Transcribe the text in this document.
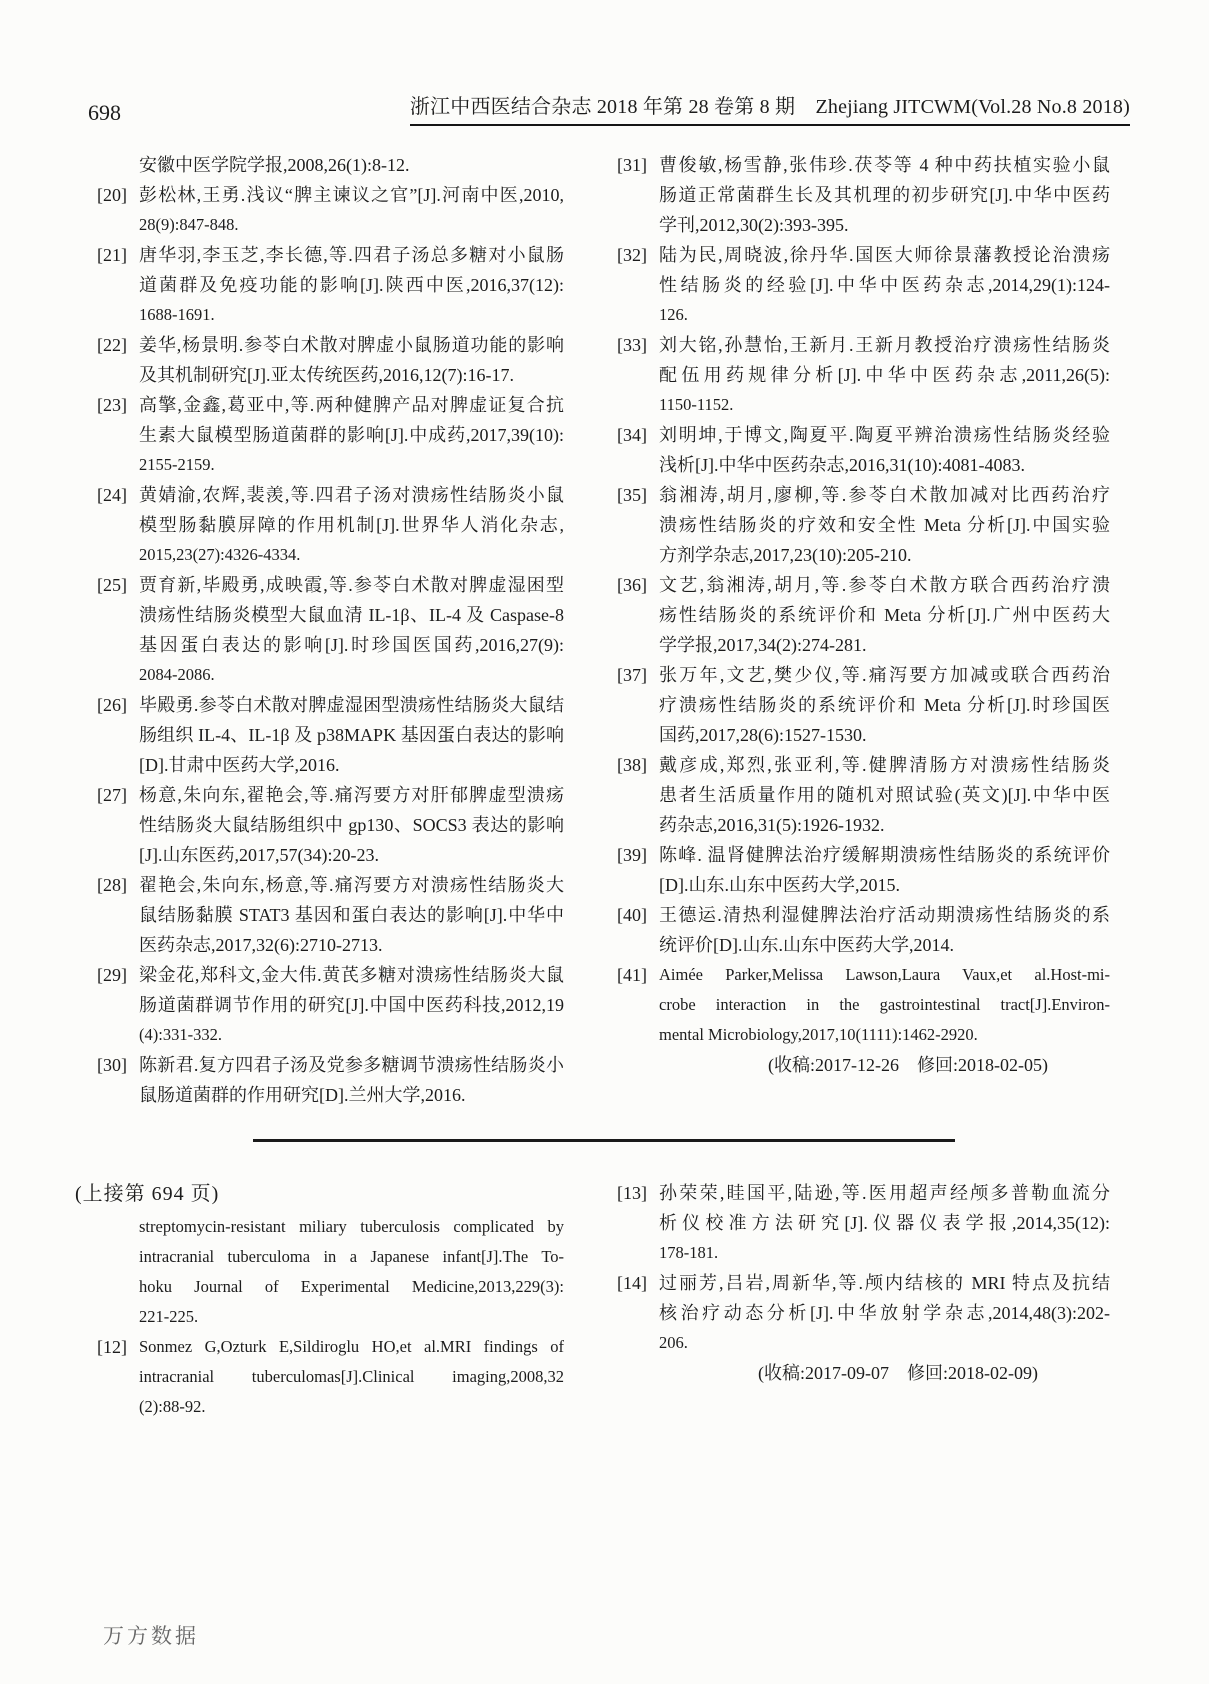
698	浙江中西医结合杂志 2018 年第 28 卷第 8 期　Zhejiang JITCWM(Vol.28 No.8 2018)
安徽中医学院学报,2008,26(1):8-12.
[20] 彭松林,王勇.浅议“脾主谏议之官”[J].河南中医,2010,
28(9):847-848.
[21] 唐华羽,李玉芝,李长德,等.四君子汤总多糖对小鼠肠
道菌群及免疫功能的影响[J].陕西中医,2016,37(12):
1688-1691.
[22] 姜华,杨景明.参苓白术散对脾虚小鼠肠道功能的影响
及其机制研究[J].亚太传统医药,2016,12(7):16-17.
[23] 高擎,金鑫,葛亚中,等.两种健脾产品对脾虚证复合抗
生素大鼠模型肠道菌群的影响[J].中成药,2017,39(10):
2155-2159.
[24] 黄婧渝,农辉,裴羡,等.四君子汤对溃疡性结肠炎小鼠
模型肠黏膜屏障的作用机制[J].世界华人消化杂志,
2015,23(27):4326-4334.
[25] 贾育新,毕殿勇,成映霞,等.参苓白术散对脾虚湿困型
溃疡性结肠炎模型大鼠血清 IL-1β、IL-4 及 Caspase-8
基因蛋白表达的影响[J].时珍国医国药,2016,27(9):
2084-2086.
[26] 毕殿勇.参苓白术散对脾虚湿困型溃疡性结肠炎大鼠结
肠组织 IL-4、IL-1β 及 p38MAPK 基因蛋白表达的影响
[D].甘肃中医药大学,2016.
[27] 杨意,朱向东,翟艳会,等.痛泻要方对肝郁脾虚型溃疡
性结肠炎大鼠结肠组织中 gp130、SOCS3 表达的影响
[J].山东医药,2017,57(34):20-23.
[28] 翟艳会,朱向东,杨意,等.痛泻要方对溃疡性结肠炎大
鼠结肠黏膜 STAT3 基因和蛋白表达的影响[J].中华中
医药杂志,2017,32(6):2710-2713.
[29] 梁金花,郑科文,金大伟.黄芪多糖对溃疡性结肠炎大鼠
肠道菌群调节作用的研究[J].中国中医药科技,2012,19
(4):331-332.
[30] 陈新君.复方四君子汤及党参多糖调节溃疡性结肠炎小
鼠肠道菌群的作用研究[D].兰州大学,2016.
[31] 曹俊敏,杨雪静,张伟珍.茯苓等 4 种中药扶植实验小鼠
肠道正常菌群生长及其机理的初步研究[J].中华中医药
学刊,2012,30(2):393-395.
[32] 陆为民,周晓波,徐丹华.国医大师徐景藩教授论治溃疡
性结肠炎的经验[J].中华中医药杂志,2014,29(1):124-
126.
[33] 刘大铭,孙慧怡,王新月.王新月教授治疗溃疡性结肠炎
配伍用药规律分析[J].中华中医药杂志,2011,26(5):
1150-1152.
[34] 刘明坤,于博文,陶夏平.陶夏平辨治溃疡性结肠炎经验
浅析[J].中华中医药杂志,2016,31(10):4081-4083.
[35] 翁湘涛,胡月,廖柳,等.参苓白术散加减对比西药治疗
溃疡性结肠炎的疗效和安全性 Meta 分析[J].中国实验
方剂学杂志,2017,23(10):205-210.
[36] 文艺,翁湘涛,胡月,等.参苓白术散方联合西药治疗溃
疡性结肠炎的系统评价和 Meta 分析[J].广州中医药大
学学报,2017,34(2):274-281.
[37] 张万年,文艺,樊少仪,等.痛泻要方加减或联合西药治
疗溃疡性结肠炎的系统评价和 Meta 分析[J].时珍国医
国药,2017,28(6):1527-1530.
[38] 戴彦成,郑烈,张亚利,等.健脾清肠方对溃疡性结肠炎
患者生活质量作用的随机对照试验(英文)[J].中华中医
药杂志,2016,31(5):1926-1932.
[39] 陈峰. 温肾健脾法治疗缓解期溃疡性结肠炎的系统评价
[D].山东.山东中医药大学,2015.
[40] 王德运.清热利湿健脾法治疗活动期溃疡性结肠炎的系
统评价[D].山东.山东中医药大学,2014.
[41] Aimée Parker,Melissa Lawson,Laura Vaux,et al.Host-mi-
crobe interaction in the gastrointestinal tract[J].Environ-
mental Microbiology,2017,10(1111):1462-2920.
(收稿:2017-12-26　修回:2018-02-05)
(上接第 694 页)
streptomycin-resistant miliary tuberculosis complicated by
intracranial tuberculoma in a Japanese infant[J].The To-
hoku Journal of Experimental Medicine,2013,229(3):
221-225.
[12] Sonmez G,Ozturk E,Sildiroglu HO,et al.MRI findings of
intracranial tuberculomas[J].Clinical imaging,2008,32
(2):88-92.
[13] 孙荣荣,眭国平,陆逊,等.医用超声经颅多普勒血流分
析仪校准方法研究[J].仪器仪表学报,2014,35(12):
178-181.
[14] 过丽芳,吕岩,周新华,等.颅内结核的 MRI 特点及抗结
核治疗动态分析[J].中华放射学杂志,2014,48(3):202-
206.
(收稿:2017-09-07　修回:2018-02-09)
万方数据
